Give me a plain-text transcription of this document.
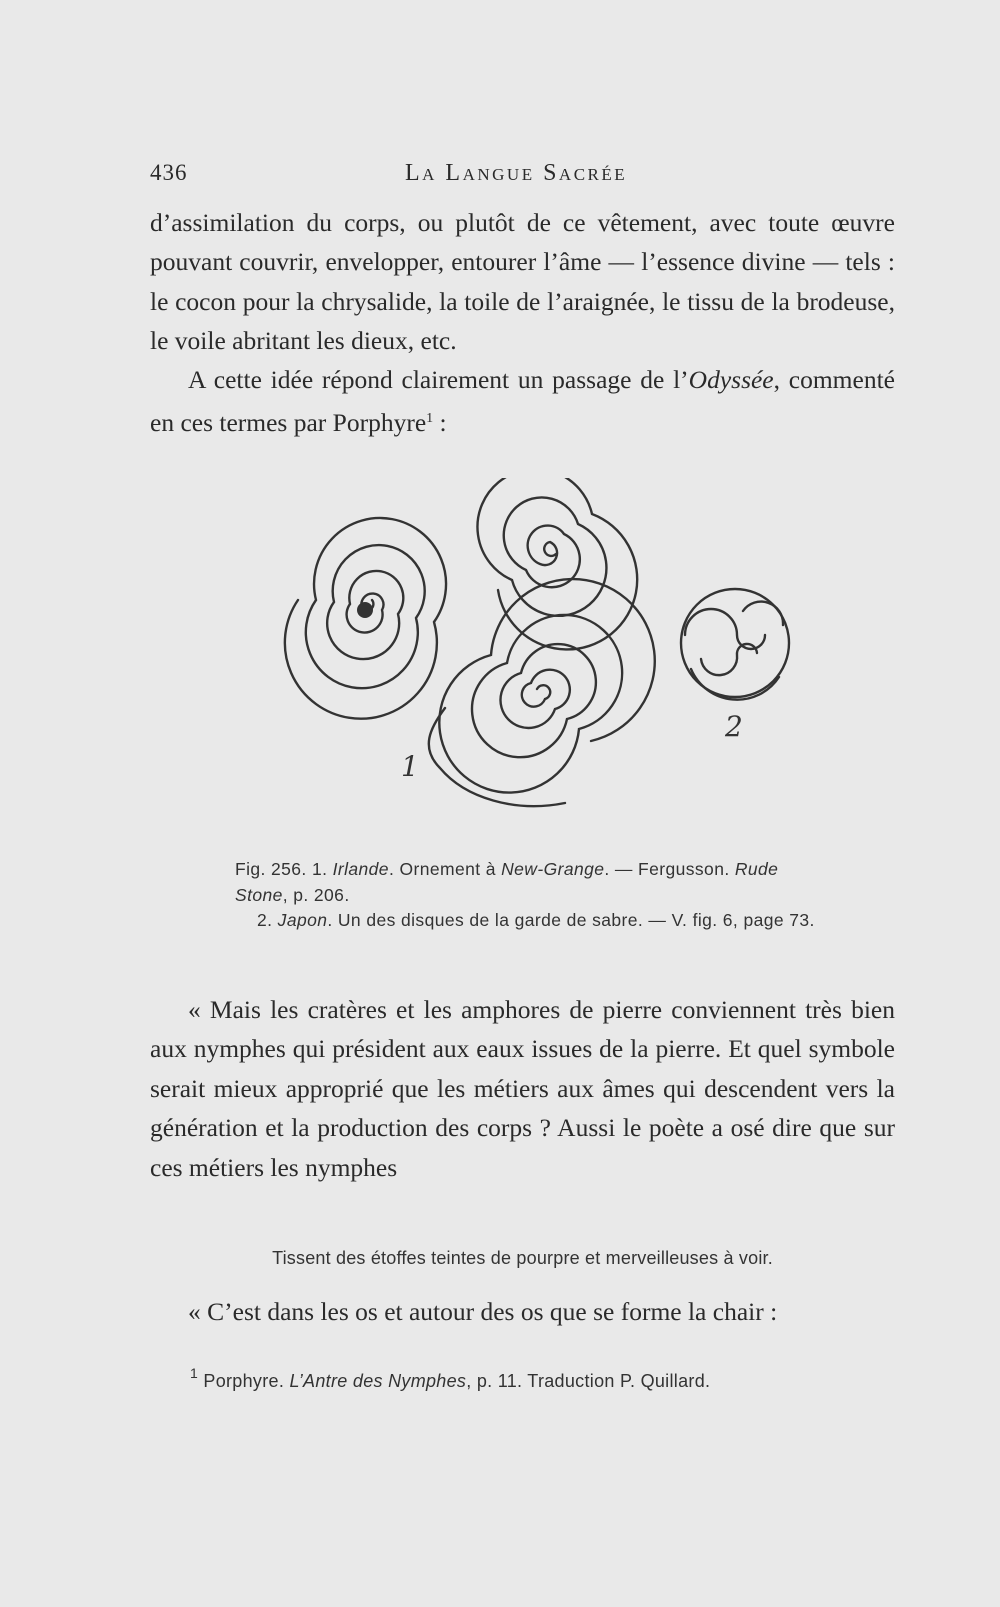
436	La Langue Sacrée

d’assimilation du corps, ou plutôt de ce vêtement, avec toute œuvre pouvant couvrir, envelopper, entourer l’âme — l’essence divine — tels : le cocon pour la chrysalide, la toile de l’araignée, le tissu de la brodeuse, le voile abritant les dieux, etc.

A cette idée répond clairement un passage de l’Odyssée, commenté en ces termes par Porphyre$^1$ :

1
2
Fig. 256. 1. Irlande. Ornement à New-Grange. — Fergusson. Rude Stone, p. 206.
2. Japon. Un des disques de la garde de sabre. — V. fig. 6, page 73.

« Mais les cratères et les amphores de pierre conviennent très bien aux nymphes qui président aux eaux issues de la pierre. Et quel symbole serait mieux approprié que les métiers aux âmes qui descendent vers la génération et la production des corps ? Aussi le poète a osé dire que sur ces métiers les nymphes

Tissent des étoffes teintes de pourpre et merveilleuses à voir.

« C’est dans les os et autour des os que se forme la chair :

$^1$ Porphyre. L’Antre des Nymphes, p. 11. Traduction P. Quillard.
